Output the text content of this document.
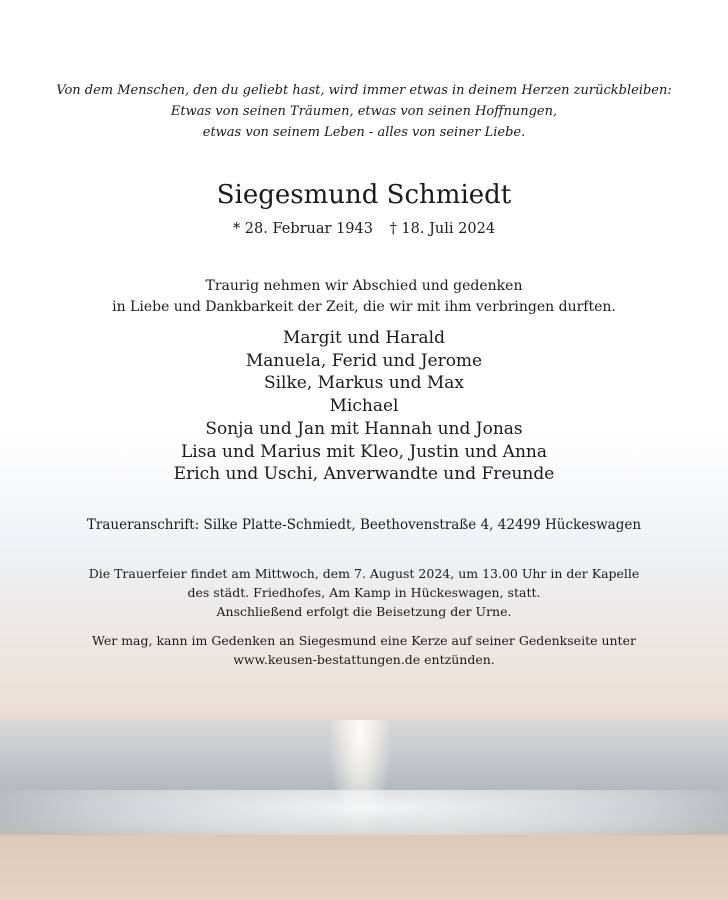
Von dem Menschen, den du geliebt hast, wird immer etwas in deinem Herzen zurückbleiben:
Etwas von seinen Träumen, etwas von seinen Hoffnungen,
etwas von seinem Leben - alles von seiner Liebe.
Siegesmund Schmiedt
* 28. Februar 1943 † 18. Juli 2024
Traurig nehmen wir Abschied und gedenken
in Liebe und Dankbarkeit der Zeit, die wir mit ihm verbringen durften.
Margit und Harald
Manuela, Ferid und Jerome
Silke, Markus und Max
Michael
Sonja und Jan mit Hannah und Jonas
Lisa und Marius mit Kleo, Justin und Anna
Erich und Uschi, Anverwandte und Freunde
Traueranschrift: Silke Platte-Schmiedt, Beethovenstraße 4, 42499 Hückeswagen
Die Trauerfeier findet am Mittwoch, dem 7. August 2024, um 13.00 Uhr in der Kapelle
des städt. Friedhofes, Am Kamp in Hückeswagen, statt.
Anschließend erfolgt die Beisetzung der Urne.
Wer mag, kann im Gedenken an Siegesmund eine Kerze auf seiner Gedenkseite unter
www.keusen-bestattungen.de entzünden.
